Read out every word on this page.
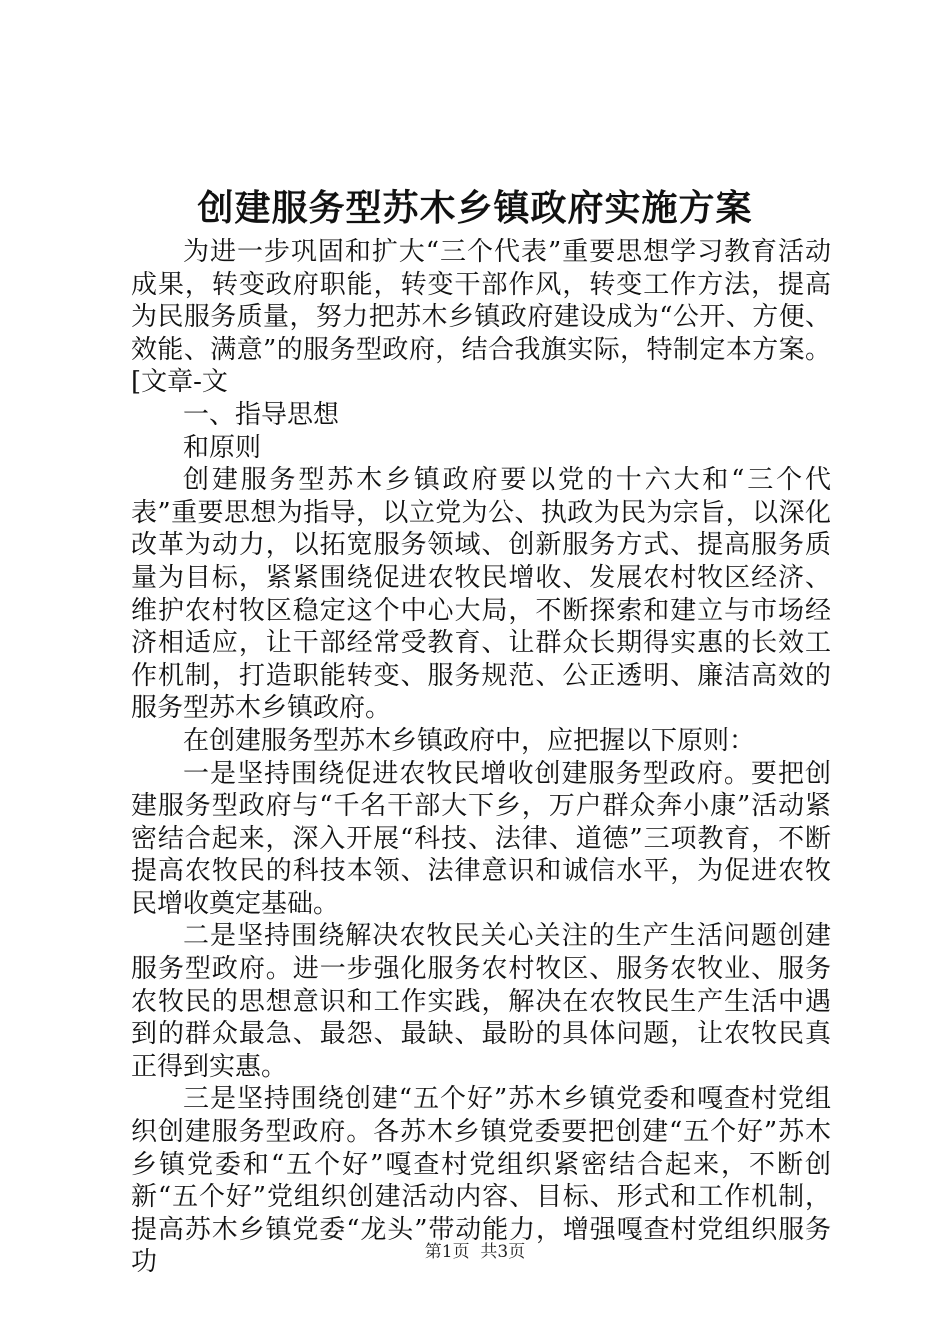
创建服务型苏木乡镇政府实施方案

为进一步巩固和扩大“三个代表”重要思想学习教育活动成果，转变政府职能，转变干部作风，转变工作方法，提高为民服务质量，努力把苏木乡镇政府建设成为“公开、方便、效能、满意”的服务型政府，结合我旗实际，特制定本方案。[文章-文

一、指导思想

和原则

创建服务型苏木乡镇政府要以党的十六大和“三个代表”重要思想为指导，以立党为公、执政为民为宗旨，以深化改革为动力，以拓宽服务领域、创新服务方式、提高服务质量为目标，紧紧围绕促进农牧民增收、发展农村牧区经济、维护农村牧区稳定这个中心大局，不断探索和建立与市场经济相适应，让干部经常受教育、让群众长期得实惠的长效工作机制，打造职能转变、服务规范、公正透明、廉洁高效的服务型苏木乡镇政府。

在创建服务型苏木乡镇政府中，应把握以下原则：

一是坚持围绕促进农牧民增收创建服务型政府。要把创建服务型政府与“千名干部大下乡，万户群众奔小康”活动紧密结合起来，深入开展“科技、法律、道德”三项教育，不断提高农牧民的科技本领、法律意识和诚信水平，为促进农牧民增收奠定基础。

二是坚持围绕解决农牧民关心关注的生产生活问题创建服务型政府。进一步强化服务农村牧区、服务农牧业、服务农牧民的思想意识和工作实践，解决在农牧民生产生活中遇到的群众最急、最怨、最缺、最盼的具体问题，让农牧民真正得到实惠。

三是坚持围绕创建“五个好”苏木乡镇党委和嘎查村党组织创建服务型政府。各苏木乡镇党委要把创建“五个好”苏木乡镇党委和“五个好”嘎查村党组织紧密结合起来，不断创新“五个好”党组织创建活动内容、目标、形式和工作机制，提高苏木乡镇党委“龙头”带动能力，增强嘎查村党组织服务功	第1页 共3页
